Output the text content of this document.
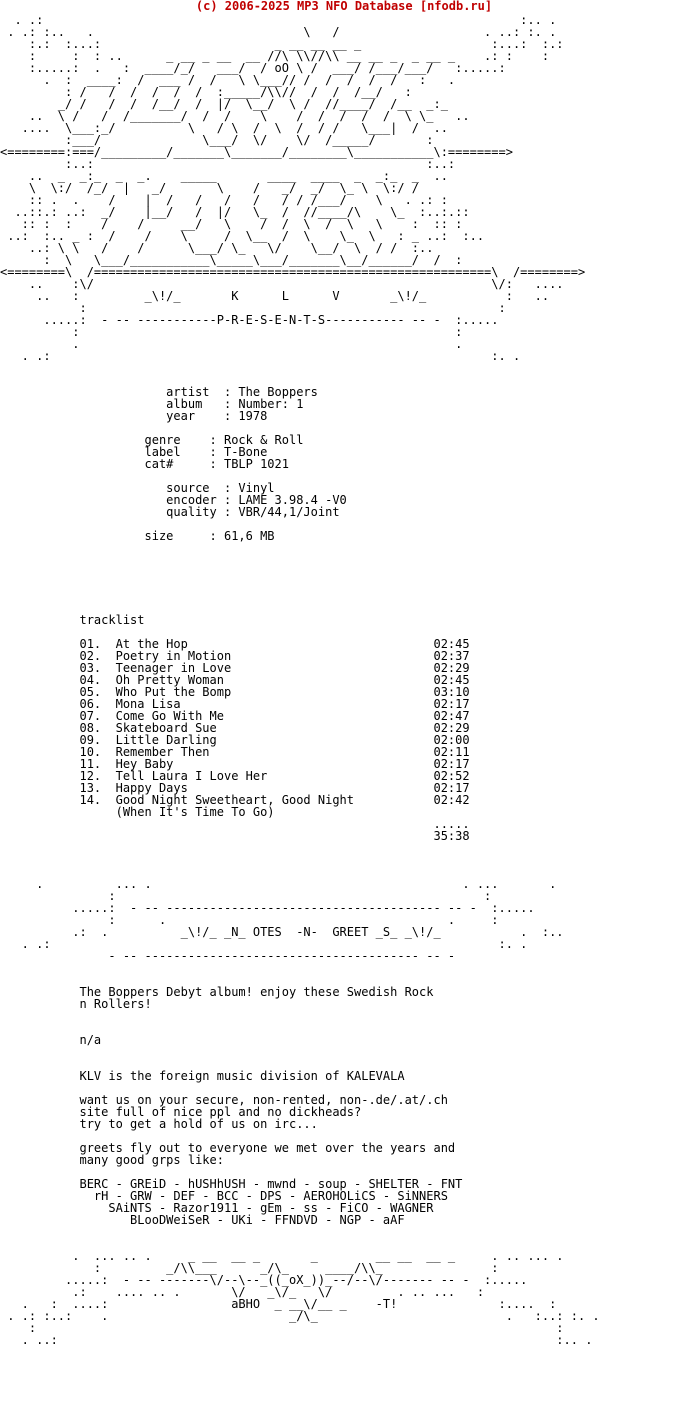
(c) 2006-2025 MP3 NFO Database [nfodb.ru]
. .:                                                                  :.. .
. .: :..   .                             \   /                    . ..: :. .
:.:  :...:                        _ __ __ __ _                  :...:  :.:
:     :  : ..      _ __ _ __  __ //\ \\//\\ __ __ _  _ __ _    .: :    :
:.....:  .   :  ____/_/   ___/  / oO \ /  ___/ /___/___/   :.....:
.  :  ____:  /  ___ /  /   \ \___// /  /  /  /  /   :   .
: /   /  /  /  /  /  :_____/\\//  /  /  /__/   :
_/ /   /  /  /__/  /  |/  \__/  \ /  //____/  /__  _:_
..  \ /   /  /_______/  /  /    \    /  /  /  /  /  \ \_   ..
....  \___:_/          \   / \  /  \  /  / /   \___|  /  ..
:___/              \___/  \/    \/  /_____/       :
<========:===/_________/_______\_______/________\___________\:========>
:..:                                              :..:
..  _  _:_  _  _.    _____       ____  ____  _  _:_  _  ..
\  \:/  /_/  |   _/       \    /   _/  _/  \_ \  \:/ /
:: .  .    /    |  /   /   /   /   / / /___/    \   . .: :
..::.: ..:  _/    |__/   /  |/   \_  /  //____/\    \_  :..:.::
:: :  :    /    /     __/   \    /  /  \  /  \   \    :  :: :
..:  :.. _ :  /    /    \     /  \__  /  \    \_  \   : _ ..:  :..
..: \ \   /    /      \___/ \_   \/    \__/  \  / /  :..
:  \   \___/___________\_____\___/_______\__/______/  /  :
<========\  /=======================================================\  /========>
..    :\/                                                       \/:   ....
..   :         _\!/_       K      L      V       _\!/_           :   ..
:                                                         :
.....:  - -- -----------P-R-E-S-E-N-T-S----------- -- -  :.....
:                                                    :
.                                                    .
. .:                                                             :. .

artist  : The Boppers
album   : Number: 1
year    : 1978

genre    : Rock & Roll
label    : T-Bone
cat#     : TBLP 1021

source  : Vinyl
encoder : LAME 3.98.4 -V0
quality : VBR/44,1/Joint

size     : 61,6 MB

tracklist

01.  At the Hop                                  02:45
02.  Poetry in Motion                            02:37
03.  Teenager in Love                            02:29
04.  Oh Pretty Woman                             02:45
05.  Who Put the Bomp                            03:10
06.  Mona Lisa                                   02:17
07.  Come Go With Me                             02:47
08.  Skateboard Sue                              02:29
09.  Little Darling                              02:00
10.  Remember Then                               02:11
11.  Hey Baby                                    02:17
12.  Tell Laura I Love Her                       02:52
13.  Happy Days                                  02:17
14.  Good Night Sweetheart, Good Night           02:42
(When It's Time To Go)
.....
35:38

.          ... .                                           . ...       .
:                                                   :
.....:  - -- -------------------------------------- -- -  :.....
:      .                                       .     :
.:  .          _\!/_ _N_ OTES  -N-  GREET _S_ _\!/_           .  :..
. .:                                                              :. .
- -- -------------------------------------- -- -

The Boppers Debyt album! enjoy these Swedish Rock
n Rollers!

n/a

KLV is the foreign music division of KALEVALA

want us on your secure, non-rented, non-.de/.at/.ch
site full of nice ppl and no dickheads?
try to get a hold of us on irc...

greets fly out to everyone we met over the years and
many good grps like:

BERC - GREiD - hUSHhUSH - mwnd - soup - SHELTER - FNT
rH - GRW - DEF - BCC - DPS - AEROHOLiCS - SiNNERS
SAiNTS - Razor1911 - gEm - ss - FiCO - WAGNER
BLooDWeiSeR - UKi - FFNDVD - NGP - aAF

.  ... .. .     _ __  __ _       _        __ __  __ _     . .. ... .
:         _/\\___      _/\_     ____/\\_               :
.....:  - -- -------\/--\--_((_oX_))_--/--\/------- -- -  :.....
.:    .... .. .       \/   _\/_   \/         . .. ...   :
.   :  ....:                 aBHO  _ __\/__ _    -T!              :....  :
. .: :..:    .                         _/\_                          .   :..: :. .
:                                                                        :
. ..:                                                                     :.. .
